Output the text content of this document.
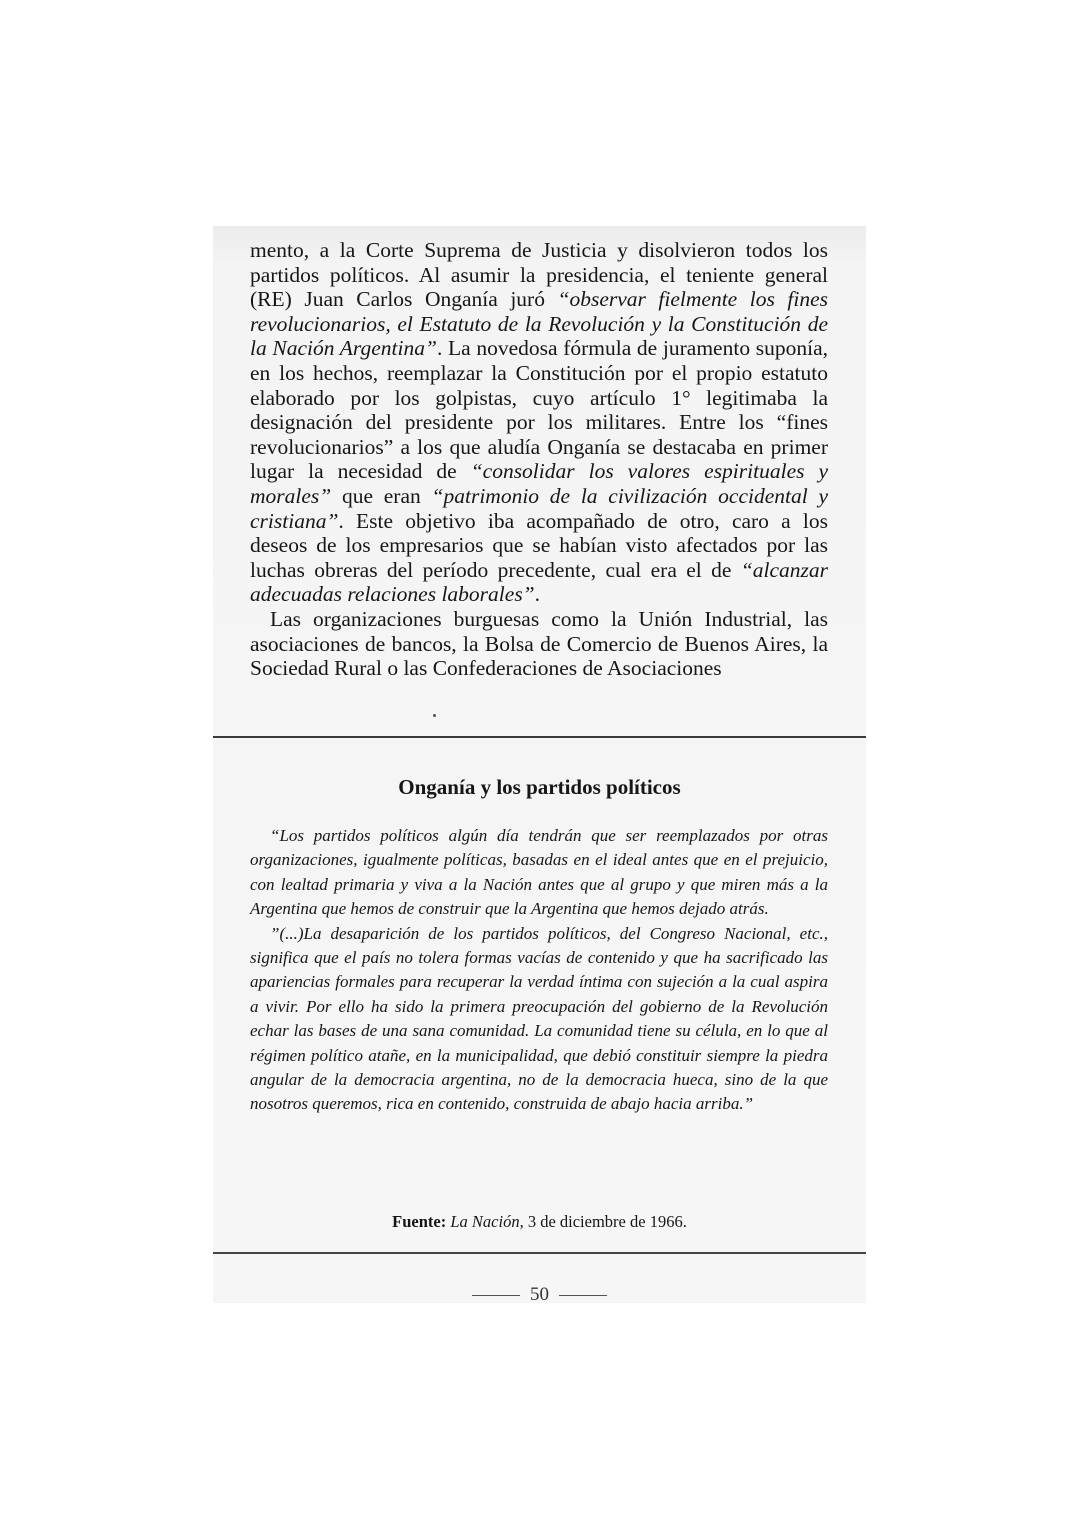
mento, a la Corte Suprema de Justicia y disolvieron todos los partidos políticos. Al asumir la presidencia, el teniente general (RE) Juan Carlos Onganía juró “observar fielmente los fines revolucionarios, el Estatuto de la Revolución y la Constitución de la Nación Argentina”. La novedosa fórmula de juramento suponía, en los hechos, reemplazar la Constitución por el propio estatuto elaborado por los golpistas, cuyo artículo 1° legitimaba la designación del presidente por los militares. Entre los “fines revolucionarios” a los que aludía Onganía se destacaba en primer lugar la necesidad de “consolidar los valores espirituales y morales” que eran “patrimonio de la civilización occidental y cristiana”. Este objetivo iba acompañado de otro, caro a los deseos de los empresarios que se habían visto afectados por las luchas obreras del período precedente, cual era el de “alcanzar adecuadas relaciones laborales”.

Las organizaciones burguesas como la Unión Industrial, las asociaciones de bancos, la Bolsa de Comercio de Buenos Aires, la Sociedad Rural o las Confederaciones de Asociaciones

Onganía y los partidos políticos

“Los partidos políticos algún día tendrán que ser reemplazados por otras organizaciones, igualmente políticas, basadas en el ideal antes que en el prejuicio, con lealtad primaria y viva a la Nación antes que al grupo y que miren más a la Argentina que hemos de construir que la Argentina que hemos dejado atrás.

”(...)La desaparición de los partidos políticos, del Congreso Nacional, etc., significa que el país no tolera formas vacías de contenido y que ha sacrificado las apariencias formales para recuperar la verdad íntima con sujeción a la cual aspira a vivir. Por ello ha sido la primera preocupación del gobierno de la Revolución echar las bases de una sana comunidad. La comunidad tiene su célula, en lo que al régimen político atañe, en la municipalidad, que debió constituir siempre la piedra angular de la democracia argentina, no de la democracia hueca, sino de la que nosotros queremos, rica en contenido, construida de abajo hacia arriba.”

Fuente: La Nación, 3 de diciembre de 1966.
50
